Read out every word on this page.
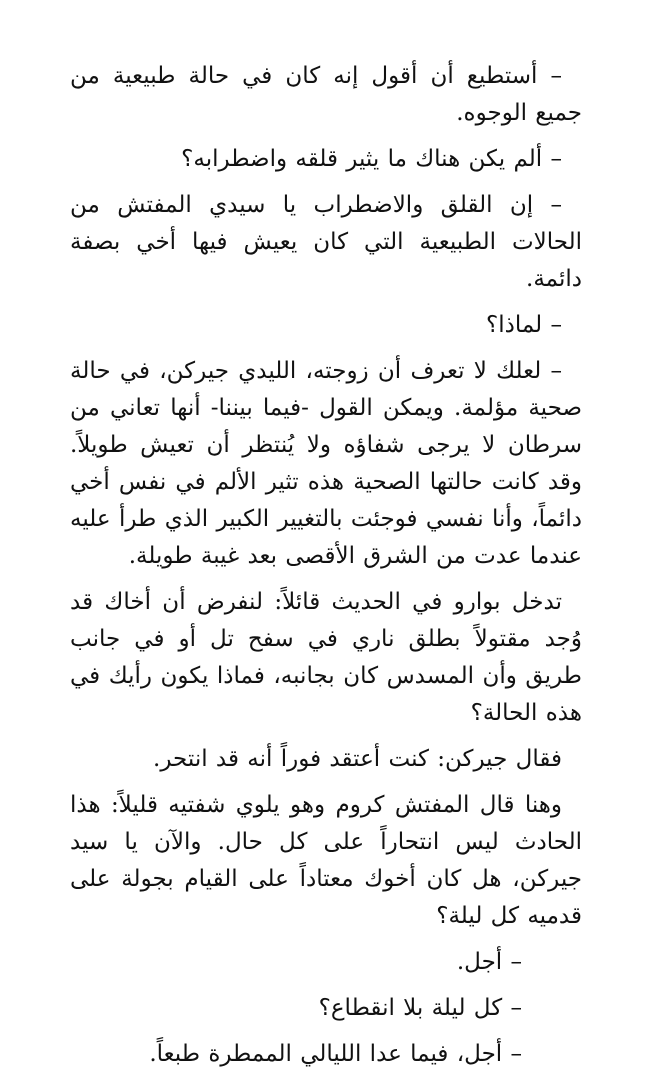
– أستطيع أن أقول إنه كان في حالة طبيعية من جميع الوجوه.

– ألم يكن هناك ما يثير قلقه واضطرابه؟

– إن القلق والاضطراب يا سيدي المفتش من الحالات الطبيعية التي كان يعيش فيها أخي بصفة دائمة.

– لماذا؟

– لعلك لا تعرف أن زوجته، الليدي جيركن، في حالة صحية مؤلمة. ويمكن القول -فيما بيننا- أنها تعاني من سرطان لا يرجى شفاؤه ولا يُنتظر أن تعيش طويلاً. وقد كانت حالتها الصحية هذه تثير الألم في نفس أخي دائماً، وأنا نفسي فوجئت بالتغيير الكبير الذي طرأ عليه عندما عدت من الشرق الأقصى بعد غيبة طويلة.

تدخل بوارو في الحديث قائلاً: لنفرض أن أخاك قد وُجد مقتولاً بطلق ناري في سفح تل أو في جانب طريق وأن المسدس كان بجانبه، فماذا يكون رأيك في هذه الحالة؟

فقال جيركن: كنت أعتقد فوراً أنه قد انتحر.

وهنا قال المفتش كروم وهو يلوي شفتيه قليلاً: هذا الحادث ليس انتحاراً على كل حال. والآن يا سيد جيركن، هل كان أخوك معتاداً على القيام بجولة على قدميه كل ليلة؟

– أجل.

– كل ليلة بلا انقطاع؟

– أجل، فيما عدا الليالي الممطرة طبعاً.
